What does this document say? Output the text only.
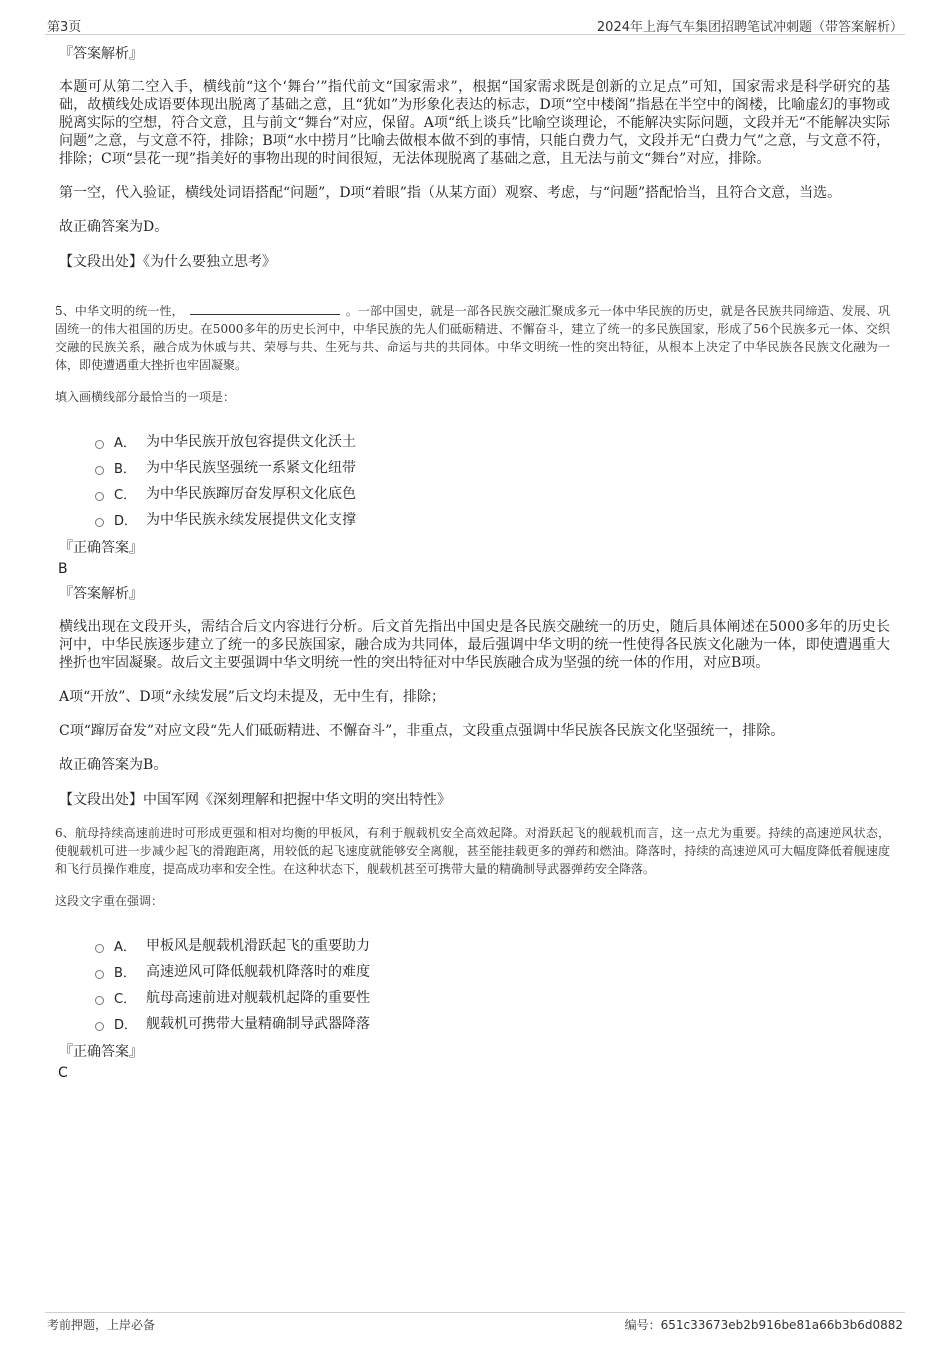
第3页	2024年上海气车集团招聘笔试冲刺题（带答案解析）
『答案解析』
本题可从第二空入手，横线前“这个‘舞台’”指代前文“国家需求”，根据“国家需求既是创新的立足点”可知，国家需求是科学研究的基础，故横线处成语要体现出脱离了基础之意，且“犹如”为形象化表达的标志，D项“空中楼阁”指悬在半空中的阁楼，比喻虚幻的事物或脱离实际的空想，符合文意，且与前文“舞台”对应，保留。A项“纸上谈兵”比喻空谈理论，不能解决实际问题，文段并无“不能解决实际问题”之意，与文意不符，排除；B项“水中捞月”比喻去做根本做不到的事情，只能白费力气，文段并无“白费力气”之意，与文意不符，排除；C项“昙花一现”指美好的事物出现的时间很短，无法体现脱离了基础之意，且无法与前文“舞台”对应，排除。
第一空，代入验证，横线处词语搭配“问题”，D项“着眼”指（从某方面）观察、考虑，与“问题”搭配恰当，且符合文意，当选。
故正确答案为D。
【文段出处】《为什么要独立思考》
5、中华文明的统一性，	。一部中国史，就是一部各民族交融汇聚成多元一体中华民族的历史，就是各民族共同缔造、发展、巩固统一的伟大祖国的历史。在5000多年的历史长河中，中华民族的先人们砥砺精进、不懈奋斗，建立了统一的多民族国家，形成了56个民族多元一体、交织交融的民族关系，融合成为休戚与共、荣辱与共、生死与共、命运与共的共同体。中华文明统一性的突出特征，从根本上决定了中华民族各民族文化融为一体，即使遭遇重大挫折也牢固凝聚。
填入画横线部分最恰当的一项是：
A． 为中华民族开放包容提供文化沃土
B． 为中华民族坚强统一系紧文化纽带
C． 为中华民族蹿厉奋发厚积文化底色
D． 为中华民族永续发展提供文化支撑
『正确答案』
B
『答案解析』
横线出现在文段开头，需结合后文内容进行分析。后文首先指出中国史是各民族交融统一的历史，随后具体阐述在5000多年的历史长河中，中华民族逐步建立了统一的多民族国家，融合成为共同体，最后强调中华文明的统一性使得各民族文化融为一体，即使遭遇重大挫折也牢固凝聚。故后文主要强调中华文明统一性的突出特征对中华民族融合成为坚强的统一体的作用，对应B项。
A项“开放”、D项“永续发展”后文均未提及，无中生有，排除；
C项“蹿厉奋发”对应文段“先人们砥砺精进、不懈奋斗”，非重点，文段重点强调中华民族各民族文化坚强统一，排除。
故正确答案为B。
【文段出处】中国军网《深刻理解和把握中华文明的突出特性》
6、航母持续高速前进时可形成更强和相对均衡的甲板风，有利于舰载机安全高效起降。对滑跃起飞的舰载机而言，这一点尤为重要。持续的高速逆风状态，使舰载机可进一步减少起飞的滑跑距离，用较低的起飞速度就能够安全离舰，甚至能挂载更多的弹药和燃油。降落时，持续的高速逆风可大幅度降低着舰速度和飞行员操作难度，提高成功率和安全性。在这种状态下，舰载机甚至可携带大量的精确制导武器弹药安全降落。
这段文字重在强调：
A． 甲板风是舰载机滑跃起飞的重要助力
B． 高速逆风可降低舰载机降落时的难度
C． 航母高速前进对舰载机起降的重要性
D． 舰载机可携带大量精确制导武器降落
『正确答案』
C
考前押题，上岸必备	编号：651c33673eb2b916be81a66b3b6d0882
